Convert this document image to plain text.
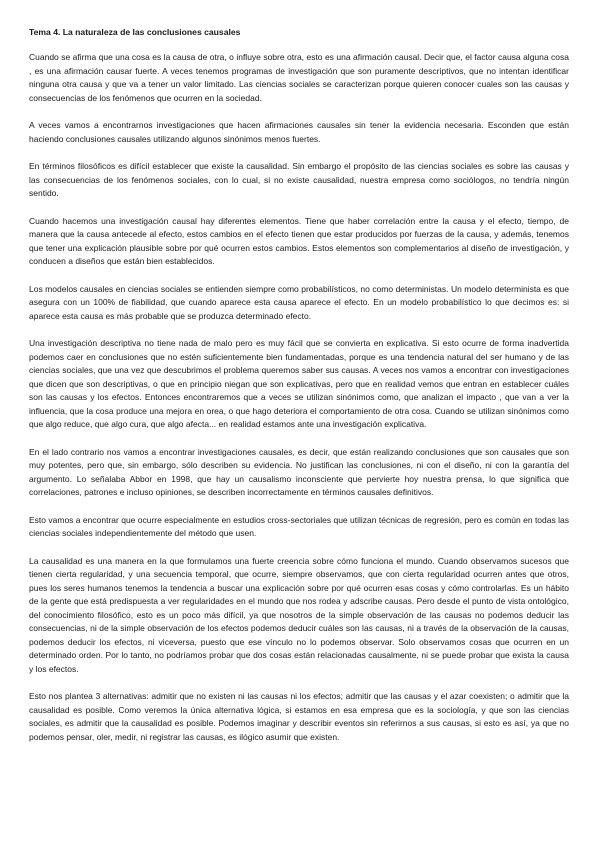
Tema 4. La naturaleza de las conclusiones causales

Cuando se afirma que una cosa es la causa de otra, o influye sobre otra, esto es una afirmación causal. Decir que, el factor causa alguna cosa , es una afirmación causar fuerte. A veces tenemos programas de investigación que son puramente descriptivos, que no intentan identificar ninguna otra causa y que va a tener un valor limitado. Las ciencias sociales se caracterizan porque quieren conocer cuales son las causas y consecuencias de los fenómenos que ocurren en la sociedad.

A veces vamos a encontrarnos investigaciones que hacen afirmaciones causales sin tener la evidencia necesaria. Esconden que están haciendo conclusiones causales utilizando algunos sinónimos menos fuertes.

En términos filosóficos es difícil establecer que existe la causalidad. Sin embargo el propósito de las ciencias sociales es sobre las causas y las consecuencias de los fenómenos sociales, con lo cual, si no existe causalidad, nuestra empresa como sociólogos, no tendría ningún sentido.

Cuando hacemos una investigación causal hay diferentes elementos. Tiene que haber correlación entre la causa y el efecto, tiempo, de manera que la causa antecede al efecto, estos cambios en el efecto tienen que estar producidos por fuerzas de la causa, y además, tenemos que tener una explicación plausible sobre por qué ocurren estos cambios. Estos elementos son complementarios al diseño de investigación, y conducen a diseños que están bien establecidos.

Los modelos causales en ciencias sociales se entienden siempre como probabilísticos, no como deterministas. Un modelo determinista es que asegura con un 100% de fiabilidad, que cuando aparece esta causa aparece el efecto. En un modelo probabilístico lo que decimos es: si aparece esta causa es más probable que se produzca determinado efecto.

Una investigación descriptiva no tiene nada de malo pero es muy fácil que se convierta en explicativa. Si esto ocurre de forma inadvertida podemos caer en conclusiones que no estén suficientemente bien fundamentadas, porque es una tendencia natural del ser humano y de las ciencias sociales, que una vez que descubrimos el problema queremos saber sus causas. A veces nos vamos a encontrar con investigaciones que dicen que son descriptivas, o que en principio niegan que son explicativas, pero que en realidad vemos que entran en establecer cuáles son las causas y los efectos. Entonces encontraremos que a veces se utilizan sinónimos como, que analizan el impacto , que van a ver la influencia, que la cosa produce una mejora en orea, o que hago deteriora el comportamiento de otra cosa. Cuando se utilizan sinónimos como que algo reduce, que algo cura, que algo afecta... en realidad estamos ante una investigación explicativa.

En el lado contrario nos vamos a encontrar investigaciones causales, es decir, que están realizando conclusiones que son causales que son muy potentes, pero que, sin embargo, sólo describen su evidencia. No justifican las conclusiones, ni con el diseño, ni con la garantía del argumento. Lo señalaba Abbor en 1998, que hay un causalismo inconsciente que pervierte hoy nuestra prensa, lo que significa que correlaciones, patrones e incluso opiniones, se describen incorrectamente en términos causales definitivos.

Esto vamos a encontrar que ocurre especialmente en estudios cross-sectoriales que utilizan técnicas de regresión, pero es común en todas las ciencias sociales independientemente del método que usen.

La causalidad es una manera en la que formulamos una fuerte creencia sobre cómo funciona el mundo. Cuando observamos sucesos que tienen cierta regularidad, y una secuencia temporal, que ocurre, siempre observamos, que con cierta regularidad ocurren antes que otros, pues los seres humanos tenemos la tendencia a buscar una explicación sobre por qué ocurren esas cosas y cómo controlarlas. Es un hábito de la gente que está predispuesta a ver regularidades en el mundo que nos rodea y adscribe causas. Pero desde el punto de vista ontológico, del conocimiento filosófico, esto es un poco más difícil, ya que nosotros de la simple observación de las causas no podemos deducir las consecuencias, ni de la simple observación de los efectos podemos deducir cuáles son las causas, ni a través de la observación de la causas, podemos deducir los efectos, ni viceversa, puesto que ese vínculo no lo podemos observar. Solo observamos cosas que ocurren en un determinado orden. Por lo tanto, no podríamos probar que dos cosas están relacionadas causalmente, ni se puede probar que exista la causa y los efectos.

Esto nos plantea 3 alternativas: admitir que no existen ni las causas ni los efectos; admitir que las causas y el azar coexisten; o admitir que la causalidad es posible. Como veremos la única alternativa lógica, si estamos en esa empresa que es la sociología, y que son las ciencias sociales, es admitir que la causalidad es posible. Podemos imaginar y describir eventos sin referirnos a sus causas, si esto es así, ya que no podemos pensar, oler, medir, ni registrar las causas, es ilógico asumir que existen.
